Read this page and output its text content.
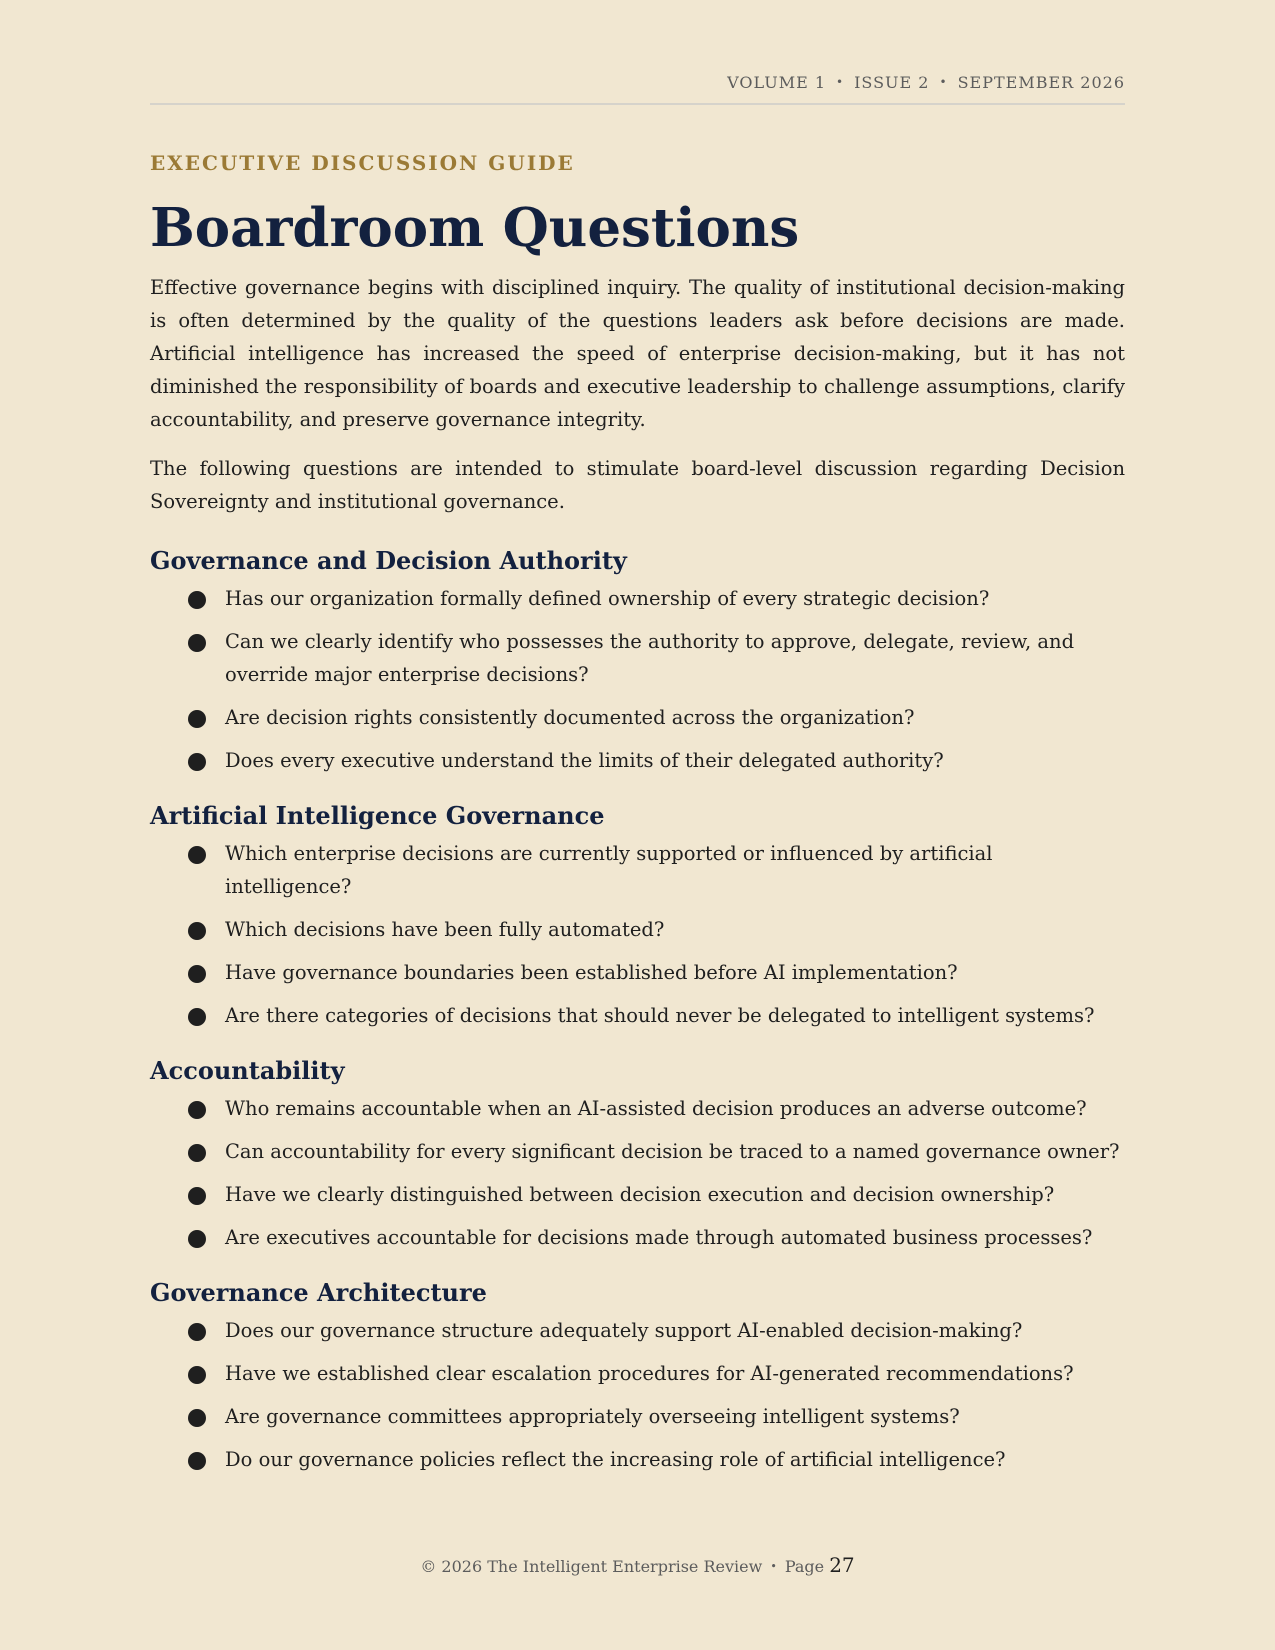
VOLUME 1 • ISSUE 2 • SEPTEMBER 2026
EXECUTIVE DISCUSSION GUIDE
Boardroom Questions

Effective governance begins with disciplined inquiry. The quality of institutional decision-making is often determined by the quality of the questions leaders ask before decisions are made. Artificial intelligence has increased the speed of enterprise decision-making, but it has not diminished the responsibility of boards and executive leadership to challenge assumptions, clarify accountability, and preserve governance integrity.

The following questions are intended to stimulate board-level discussion regarding Decision Sovereignty and institutional governance.

Governance and Decision Authority
Has our organization formally defined ownership of every strategic decision?
Can we clearly identify who possesses the authority to approve, delegate, review, and override major enterprise decisions?
Are decision rights consistently documented across the organization?
Does every executive understand the limits of their delegated authority?
Artificial Intelligence Governance
Which enterprise decisions are currently supported or influenced by artificial intelligence?
Which decisions have been fully automated?
Have governance boundaries been established before AI implementation?
Are there categories of decisions that should never be delegated to intelligent systems?
Accountability
Who remains accountable when an AI-assisted decision produces an adverse outcome?
Can accountability for every significant decision be traced to a named governance owner?
Have we clearly distinguished between decision execution and decision ownership?
Are executives accountable for decisions made through automated business processes?
Governance Architecture
Does our governance structure adequately support AI-enabled decision-making?
Have we established clear escalation procedures for AI-generated recommendations?
Are governance committees appropriately overseeing intelligent systems?
Do our governance policies reflect the increasing role of artificial intelligence?
© 2026 The Intelligent Enterprise Review • Page 27
